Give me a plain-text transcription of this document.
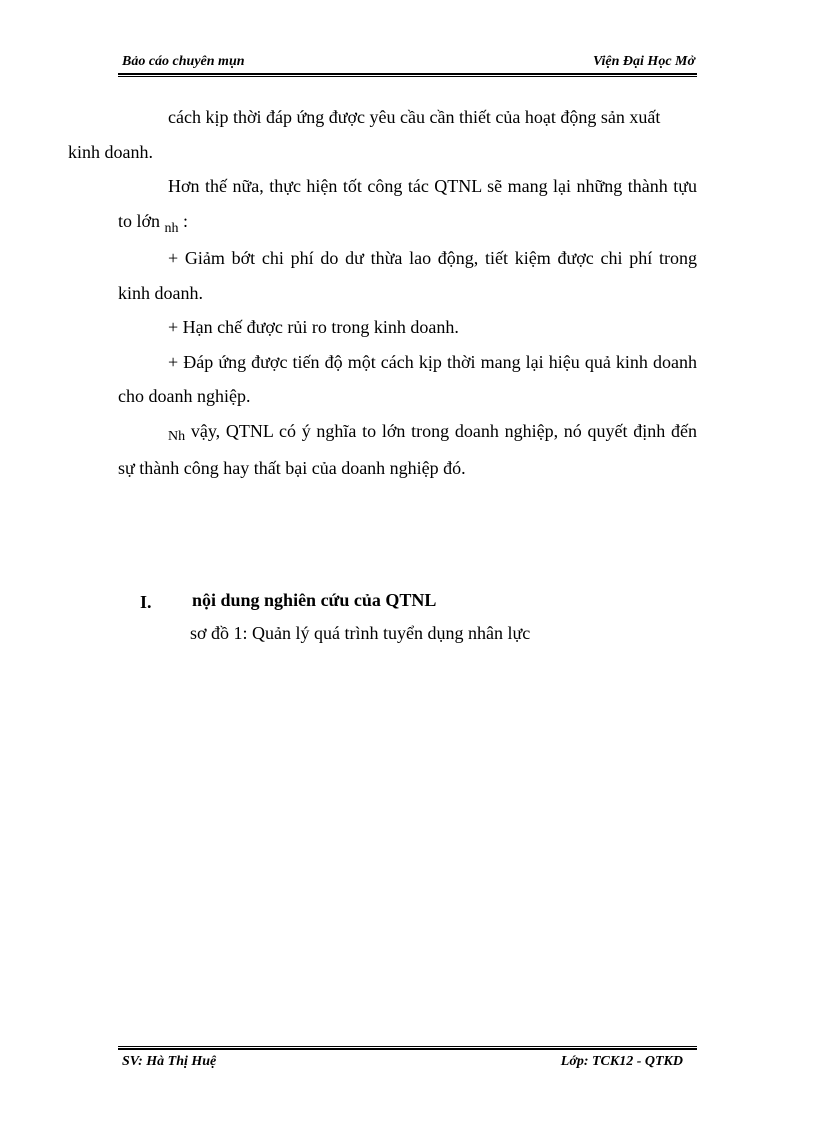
Bảo cáo chuyên mụn	Viện Đại Học Mở

cách kịp thời đáp ứng được yêu cầu cần thiết của hoạt động sản xuất
kinh doanh.

Hơn thế nữa, thực hiện tốt công tác QTNL sẽ mang lại những thành tựu to lớn $_{nh}$ :

+ Giảm bớt chi phí do dư thừa lao động, tiết kiệm được chi phí trong kinh doanh.

+ Hạn chế được rủi ro trong kinh doanh.

+ Đáp ứng được tiến độ một cách kịp thời mang lại hiệu quả kinh doanh cho doanh nghiệp.

Nh vậy, QTNL có ý nghĩa to lớn trong doanh nghiệp, nó quyết định đến sự thành công hay thất bại của doanh nghiệp đó.

I.	nội dung nghiên cứu của QTNL
sơ đồ 1: Quản lý quá trình tuyển dụng nhân lực
SV: Hà Thị Huệ	Lớp: TCK12 - QTKD
